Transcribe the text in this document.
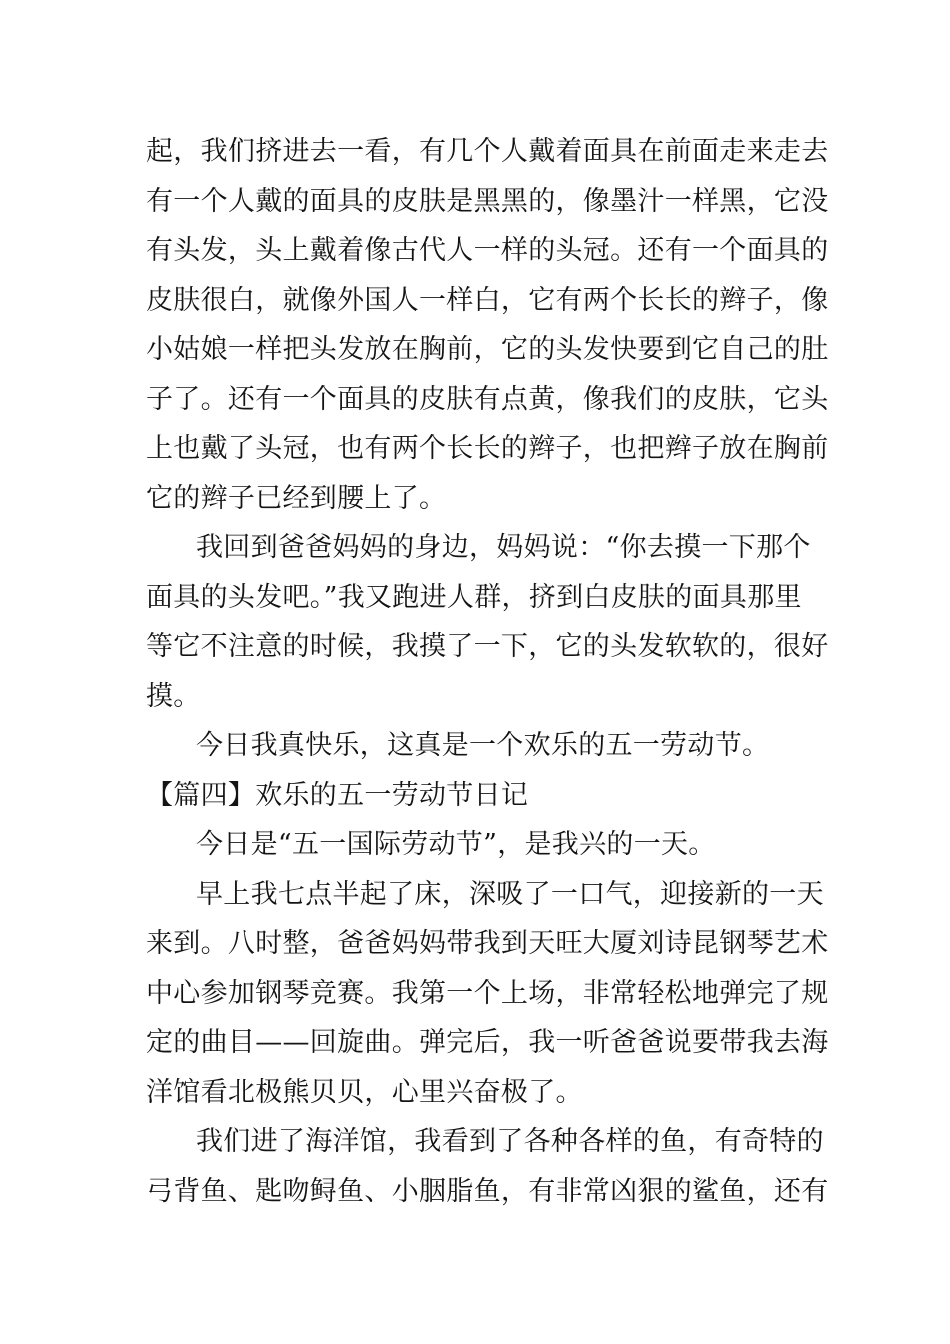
起，我们挤进去一看，有几个人戴着面具在前面走来走去
有一个人戴的面具的皮肤是黑黑的，像墨汁一样黑，它没
有头发，头上戴着像古代人一样的头冠。还有一个面具的
皮肤很白，就像外国人一样白，它有两个长长的辫子，像
小姑娘一样把头发放在胸前，它的头发快要到它自己的肚
子了。还有一个面具的皮肤有点黄，像我们的皮肤，它头
上也戴了头冠，也有两个长长的辫子，也把辫子放在胸前
它的辫子已经到腰上了。
我回到爸爸妈妈的身边，妈妈说：“你去摸一下那个
面具的头发吧。”我又跑进人群，挤到白皮肤的面具那里
等它不注意的时候，我摸了一下，它的头发软软的，很好
摸。
今日我真快乐，这真是一个欢乐的五一劳动节。
【篇四】欢乐的五一劳动节日记
今日是“五一国际劳动节”，是我兴的一天。
早上我七点半起了床，深吸了一口气，迎接新的一天
来到。八时整，爸爸妈妈带我到天旺大厦刘诗昆钢琴艺术
中心参加钢琴竞赛。我第一个上场，非常轻松地弹完了规
定的曲目——回旋曲。弹完后，我一听爸爸说要带我去海
洋馆看北极熊贝贝，心里兴奋极了。
我们进了海洋馆，我看到了各种各样的鱼，有奇特的
弓背鱼、匙吻鲟鱼、小胭脂鱼，有非常凶狠的鲨鱼，还有
